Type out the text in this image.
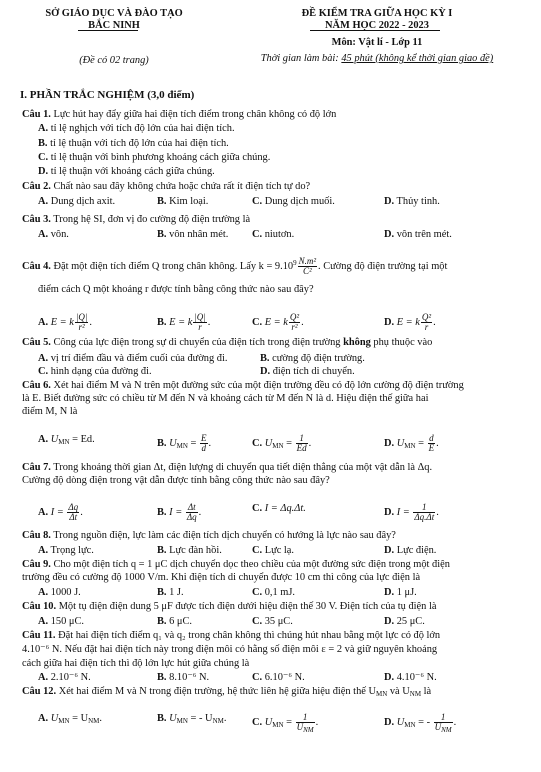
SỞ GIÁO DỤC VÀ ĐÀO TẠO
BẮC NINH
(Đề có 02 trang)
ĐỀ KIỂM TRA GIỮA HỌC KỲ I
NĂM HỌC 2022 - 2023
Môn: Vật lí - Lớp 11
Thời gian làm bài: 45 phút (không kể thời gian giao đề)
I. PHẦN TRẮC NGHIỆM (3,0 điểm)
Câu 1. Lực hút hay đẩy giữa hai điện tích điểm trong chân không có độ lớn
A. tỉ lệ nghịch với tích độ lớn của hai điện tích.
B. tỉ lệ thuận với tích độ lớn của hai điện tích.
C. tỉ lệ thuận với bình phương khoảng cách giữa chúng.
D. tỉ lệ thuận với khoảng cách giữa chúng.
Câu 2. Chất nào sau đây không chứa hoặc chứa rất ít điện tích tự do?
A. Dung dịch axit.	B. Kim loại.	C. Dung dịch muối.	D. Thủy tinh.
Câu 3. Trong hệ SI, đơn vị đo cường độ điện trường là
A. vôn.	B. vôn nhân mét. C. niutơn.	D. vôn trên mét.
Câu 4. Đặt một điện tích điểm Q trong chân không. Lấy $k = 9.10^9 \frac{\text{N.m²}}{\text{C²}}$ . Cường độ điện trường tại một
điểm cách Q một khoảng r được tính bằng công thức nào sau đây?
A. E = k $\frac{|Q|}{\text{r²}}$ .	B. E = k $\frac{|Q|}{r}$ .	C. E = k $\frac{\text{Q²}}{\text{r²}}$ .	D. E = k $\frac{\text{Q²}}{r}$ .
Câu 5. Công của lực điện trong sự di chuyển của điện tích trong điện trường không phụ thuộc vào
A. vị trí điểm đầu và điểm cuối của đường đi.	B. cường độ điện trường.
C. hình dạng của đường đi.	D. điện tích di chuyển.
Câu 6. Xét hai điểm M và N trên một đường sức của một điện trường đều có độ lớn cường độ điện trường
là E. Biết đường sức có chiều từ M đến N và khoảng cách từ M đến N là d. Hiệu điện thế giữa hai
điểm M, N là
A. $U_{MN} = Ed$.	B. $U_{MN} = \frac{E}{d}$ .	C. $U_{MN} = \frac{1}{Ed}$ .	D. $U_{MN} = \frac{d}{E}$ .
Câu 7. Trong khoảng thời gian Δt, điện lượng di chuyển qua tiết diện thẳng của một vật dẫn là Δq.
Cường độ dòng điện trong vật dẫn được tính bằng công thức nào sau đây?
A. $I = \frac{\Delta q}{\Delta t}$ .	B. $I = \frac{\Delta t}{\Delta q}$ .	C. I = Δq.Δt.	D. $I = \frac{1}{\Delta q.\Delta t}$ .
Câu 8. Trong nguồn điện, lực làm các điện tích dịch chuyển có hướng là lực nào sau đây?
A. Trọng lực.	B. Lực đàn hồi.	C. Lực lạ.	D. Lực điện.
Câu 9. Cho một điện tích q = 1 μC dịch chuyển dọc theo chiều của một đường sức điện trong một điện
trường đều có cường độ 1000 V/m. Khi điện tích di chuyển được 10 cm thì công của lực điện là
A. 1000 J.	B. 1 J.	C. 0,1 mJ.	D. 1 μJ.
Câu 10. Một tụ điện điện dung 5 μF được tích điện dưới hiệu điện thế 30 V. Điện tích của tụ điện là
A. 150 μC.	B. 6 μC.	C. 35 μC.	D. 25 μC.
Câu 11. Đặt hai điện tích điểm q₁ và q₂ trong chân không thì chúng hút nhau bằng một lực có độ lớn
4.10⁻⁶ N. Nếu đặt hai điện tích này trong điện môi có hằng số điện môi ε = 2 và giữ nguyên khoảng
cách giữa hai điện tích thì độ lớn lực hút giữa chúng là
A. 2.10⁻⁶ N.	B. 8.10⁻⁶ N.	C. 6.10⁻⁶ N.	D. 4.10⁻⁶ N.
Câu 12. Xét hai điểm M và N trong điện trường, hệ thức liên hệ giữa hiệu điện thế $U_{MN}$ và $U_{NM}$ là
A. $U_{MN} = U_{NM}$.	B. $U_{MN}$ = - $U_{NM}$. C. $U_{MN} = \frac{1}{U_{NM}}$ .	D. $U_{MN}$ = - $\frac{1}{U_{NM}}$ .
